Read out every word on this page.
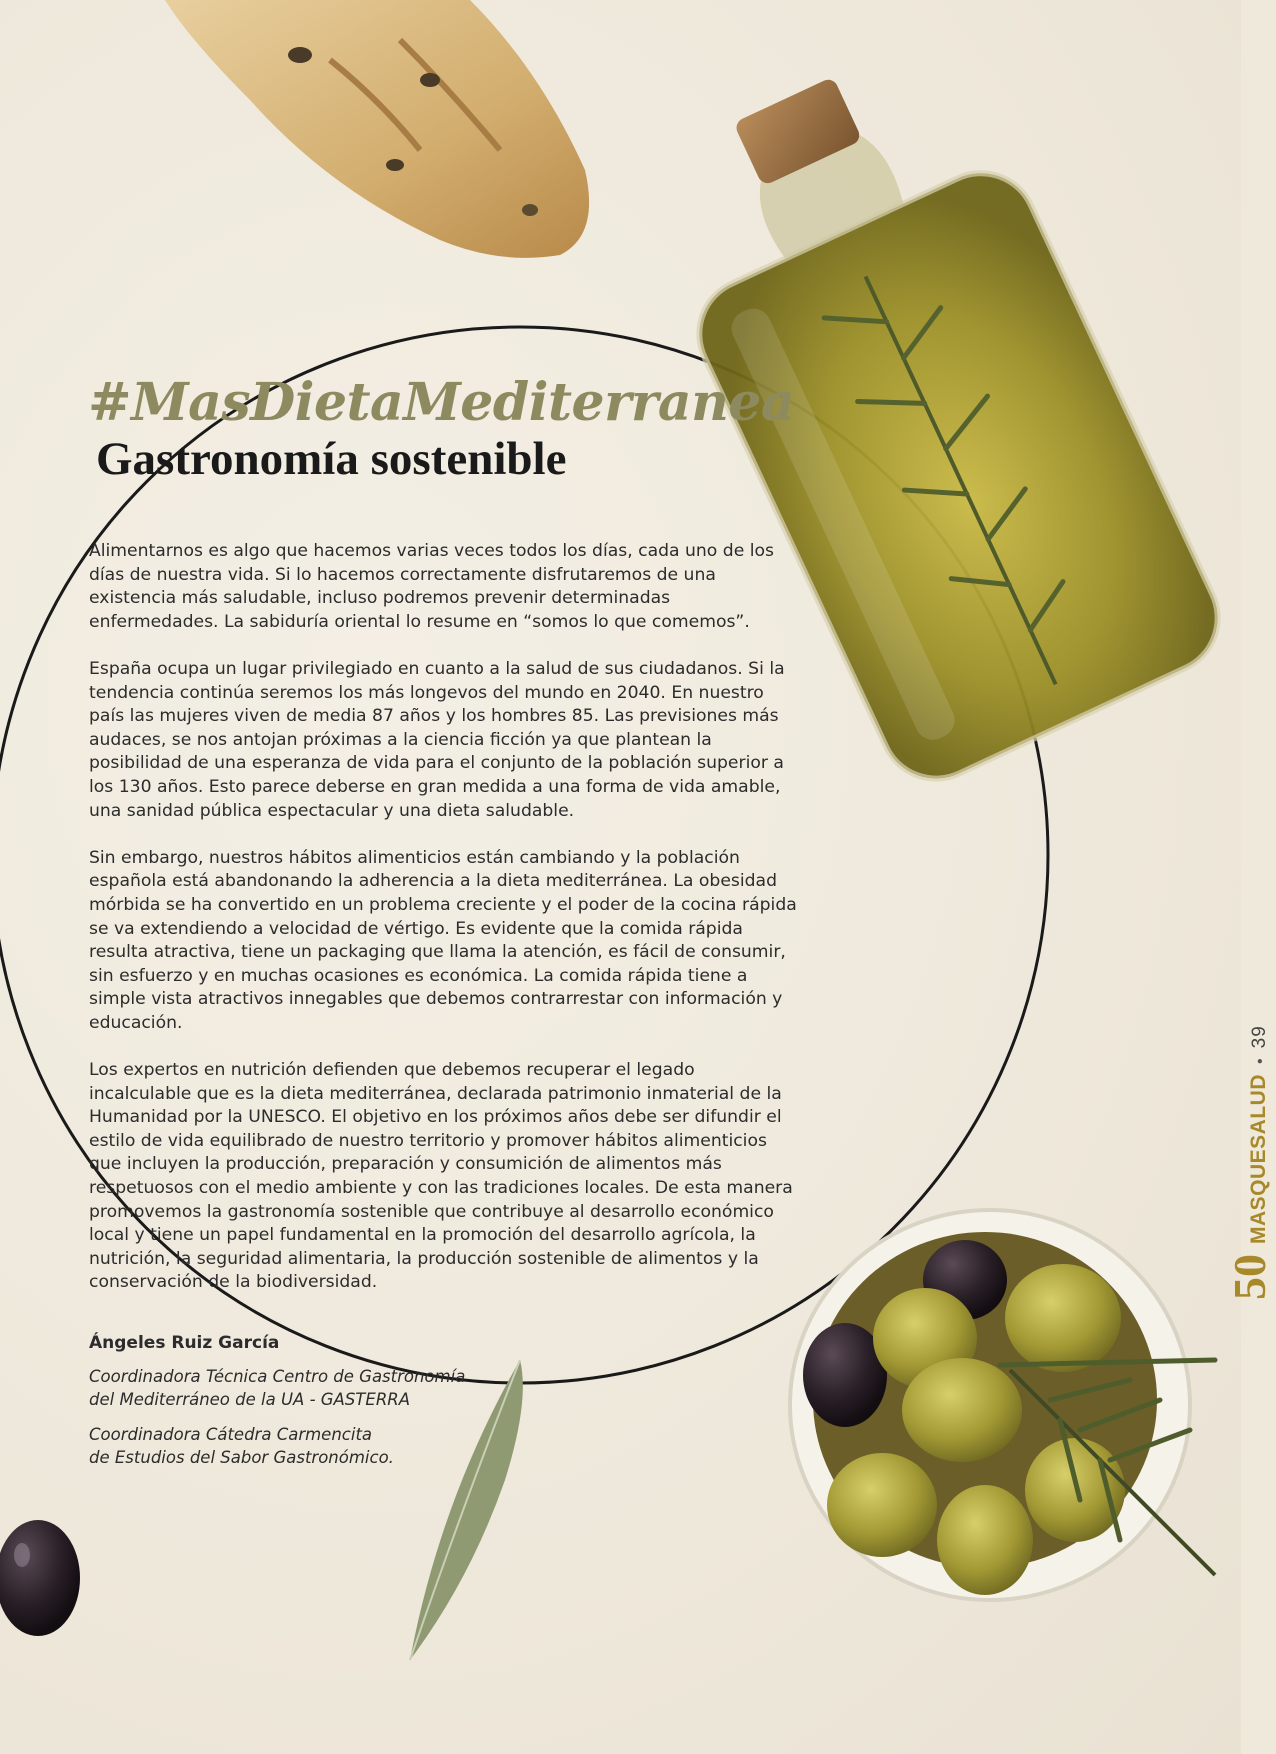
#MasDietaMediterranea
Gastronomía sostenible

Alimentarnos es algo que hacemos varias veces todos los días, cada uno de los días de nuestra vida. Si lo hacemos correctamente disfrutaremos de una existencia más saludable, incluso podremos prevenir determinadas enfermedades. La sabiduría oriental lo resume en “somos lo que comemos”.

España ocupa un lugar privilegiado en cuanto a la salud de sus ciudadanos. Si la tendencia continúa seremos los más longevos del mundo en 2040. En nuestro país las mujeres viven de media 87 años y los hombres 85. Las previsiones más audaces, se nos antojan próximas a la ciencia ficción ya que plantean la posibilidad de una esperanza de vida para el conjunto de la población superior a los 130 años. Esto parece deberse en gran medida a una forma de vida amable, una sanidad pública espectacular y una dieta saludable.

Sin embargo, nuestros hábitos alimenticios están cambiando y la población española está abandonando la adherencia a la dieta mediterránea. La obesidad mórbida se ha convertido en un problema creciente y el poder de la cocina rápida se va extendiendo a velocidad de vértigo. Es evidente que la comida rápida resulta atractiva, tiene un packaging que llama la atención, es fácil de consumir, sin esfuerzo y en muchas ocasiones es económica. La comida rápida tiene a simple vista atractivos innegables que debemos contrarrestar con información y educación.

Los expertos en nutrición defienden que debemos recuperar el legado incalculable que es la dieta mediterránea, declarada patrimonio inmaterial de la Humanidad por la UNESCO. El objetivo en los próximos años debe ser difundir el estilo de vida equilibrado de nuestro territorio y promover hábitos alimenticios que incluyen la producción, preparación y consumición de alimentos más respetuosos con el medio ambiente y con las tradiciones locales. De esta manera promovemos la gastronomía sostenible que contribuye al desarrollo económico local y tiene un papel fundamental en la promoción del desarrollo agrícola, la nutrición, la seguridad alimentaria, la producción sostenible de alimentos y la conservación de la biodiversidad.

Ángeles Ruiz García

Coordinadora Técnica Centro de Gastronomía
del Mediterráneo de la UA - GASTERRA

Coordinadora Cátedra Carmencita
de Estudios del Sabor Gastronómico.

50
MASQUESALUD
•
39
